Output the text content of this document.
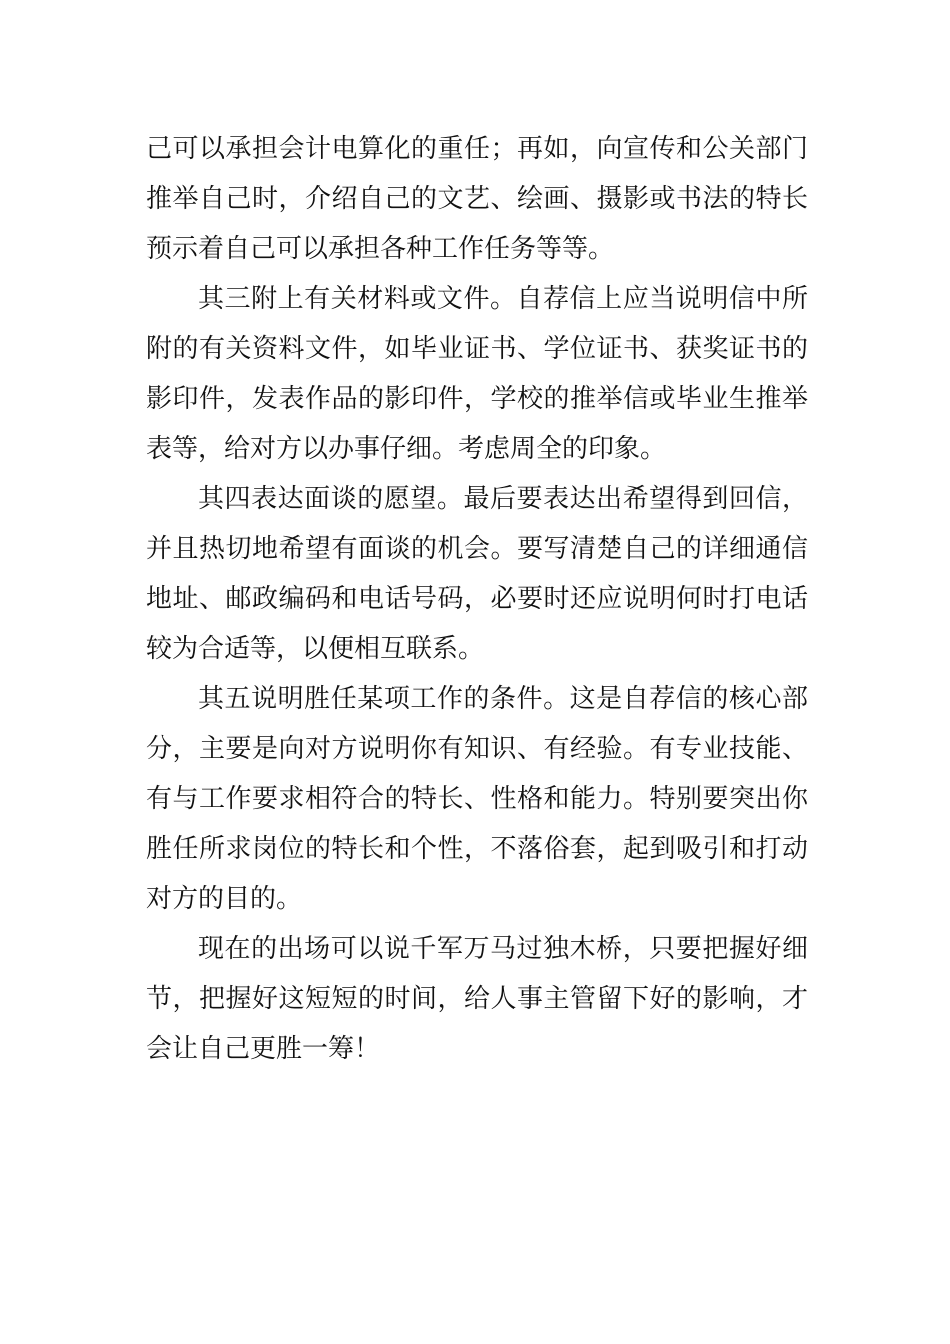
己可以承担会计电算化的重任；再如，向宣传和公关部门
推举自己时，介绍自己的文艺、绘画、摄影或书法的特长
预示着自己可以承担各种工作任务等等。

其三附上有关材料或文件。自荐信上应当说明信中所
附的有关资料文件，如毕业证书、学位证书、获奖证书的
影印件，发表作品的影印件，学校的推举信或毕业生推举
表等，给对方以办事仔细。考虑周全的印象。

其四表达面谈的愿望。最后要表达出希望得到回信，
并且热切地希望有面谈的机会。要写清楚自己的详细通信
地址、邮政编码和电话号码，必要时还应说明何时打电话
较为合适等，以便相互联系。

其五说明胜任某项工作的条件。这是自荐信的核心部
分，主要是向对方说明你有知识、有经验。有专业技能、
有与工作要求相符合的特长、性格和能力。特别要突出你
胜任所求岗位的特长和个性，不落俗套，起到吸引和打动
对方的目的。

现在的出场可以说千军万马过独木桥，只要把握好细
节，把握好这短短的时间，给人事主管留下好的影响，才
会让自己更胜一筹！
